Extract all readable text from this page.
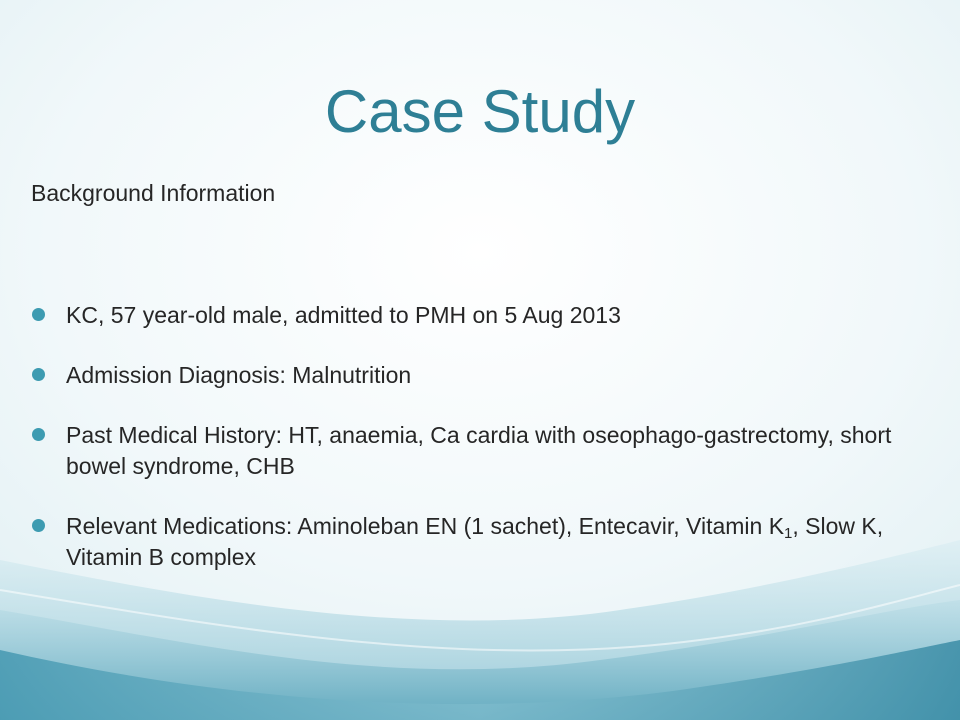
Case Study
Background Information
KC, 57 year-old male, admitted to PMH on 5 Aug 2013
Admission Diagnosis: Malnutrition
Past Medical History: HT, anaemia, Ca cardia with oseophago-gastrectomy, short bowel syndrome, CHB
Relevant Medications: Aminoleban EN (1 sachet), Entecavir, Vitamin $K_1$, Slow K, Vitamin B complex
